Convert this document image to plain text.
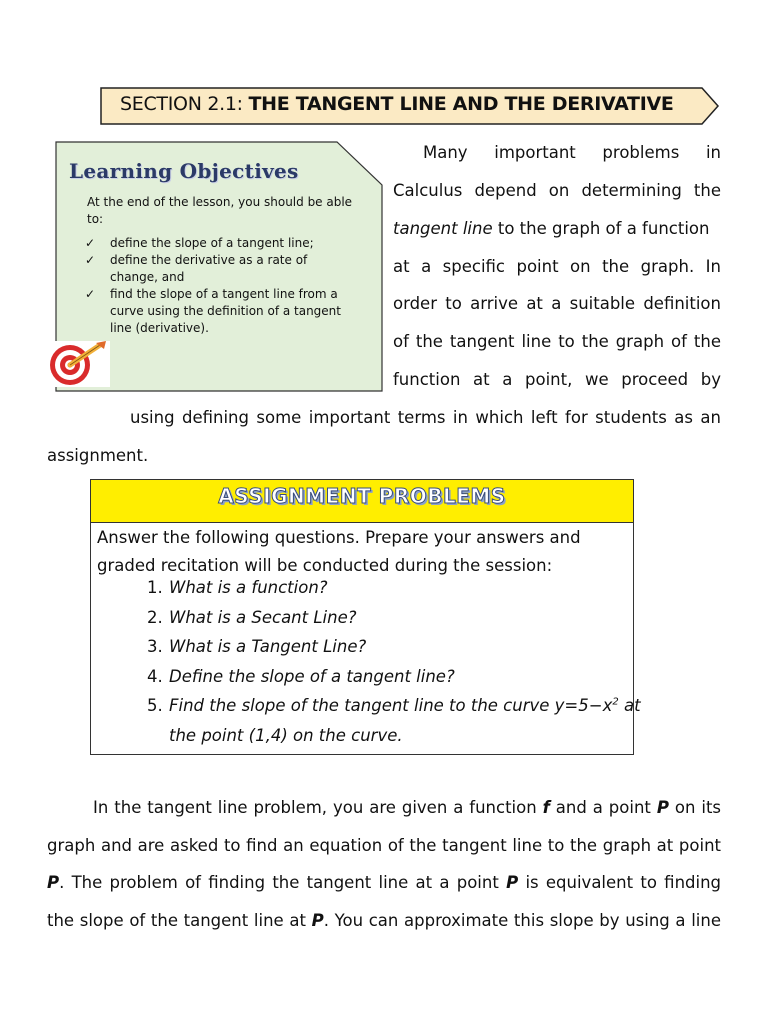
SECTION 2.1: THE TANGENT LINE AND THE DERIVATIVE
Learning Objectives
At the end of the lesson, you should be able to:
✓ define the slope of a tangent line;
✓ define the derivative as a rate of change, and
✓ find the slope of a tangent line from a curve using the definition of a tangent line (derivative).
Many important problems in
Calculus depend on determining the
tangent line to the graph of a function
at a specific point on the graph. In
order to arrive at a suitable definition
of the tangent line to the graph of the
function at a point, we proceed by
using defining some important terms in which left for students as an
assignment.
ASSIGNMENT PROBLEMS
Answer the following questions. Prepare your answers and graded recitation will be conducted during the session:
1. What is a function?
2. What is a Secant Line?
3. What is a Tangent Line?
4. Define the slope of a tangent line?
5. Find the slope of the tangent line to the curve $y=5-x^2$ at
the point (1,4) on the curve.
In the tangent line problem, you are given a function f and a point P on its
graph and are asked to find an equation of the tangent line to the graph at point
P. The problem of finding the tangent line at a point P is equivalent to finding
the slope of the tangent line at P. You can approximate this slope by using a line
